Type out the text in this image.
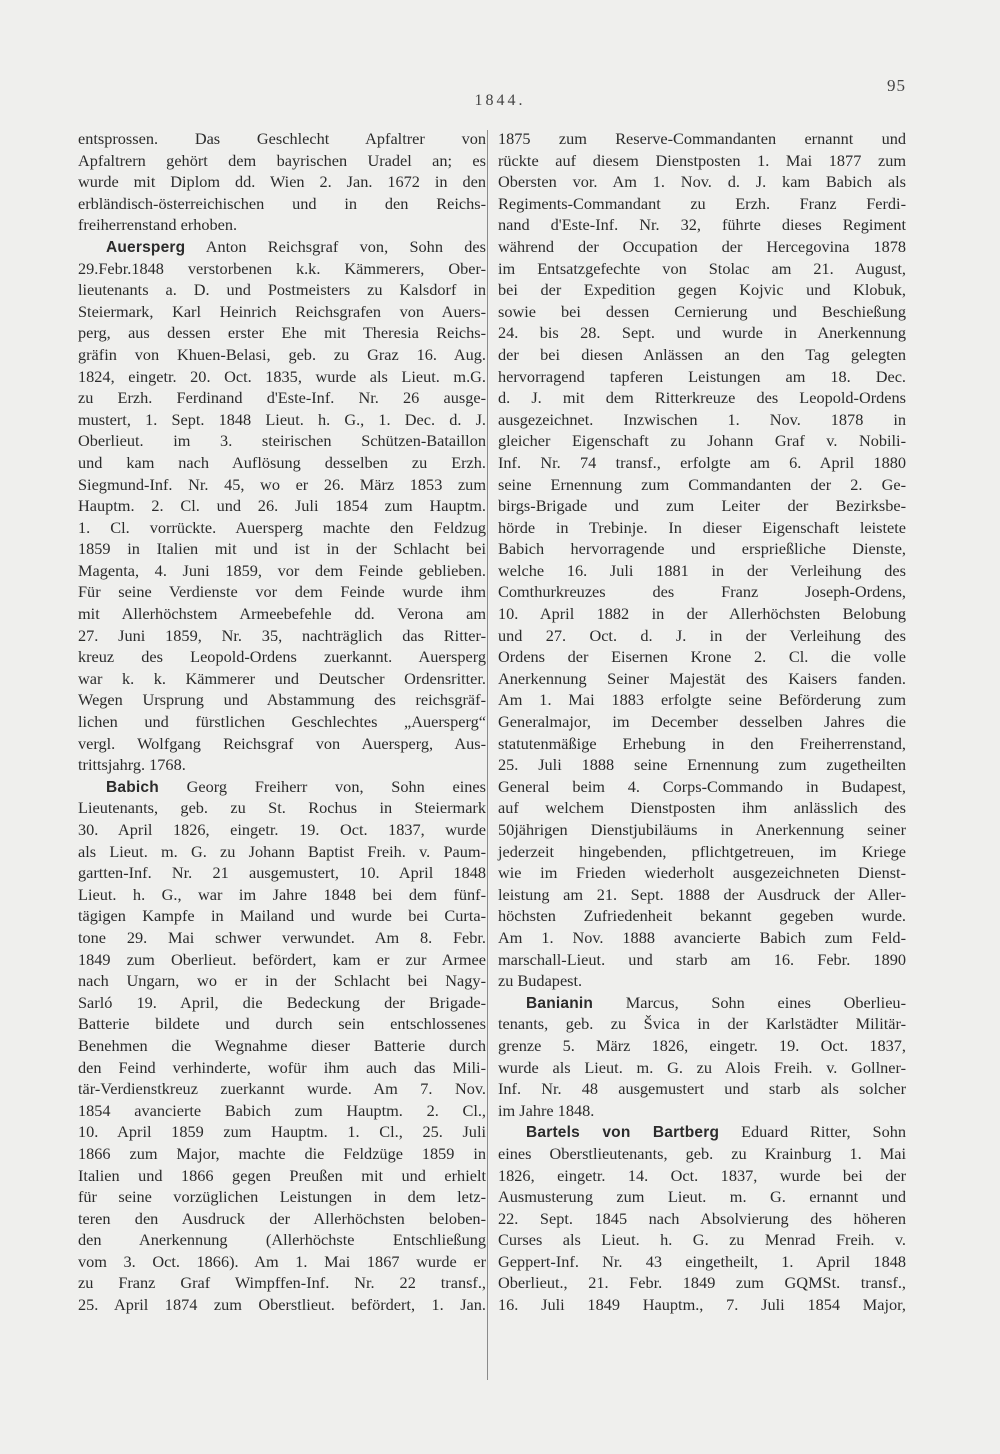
95
1844.
entsprossen. Das Geschlecht Apfaltrer von
Apfaltrern gehört dem bayrischen Uradel an; es
wurde mit Diplom dd. Wien 2. Jan. 1672 in den
erbländisch-österreichischen und in den Reichs-
freiherrenstand erhoben.
Auersperg Anton Reichsgraf von, Sohn des
29.Febr.1848 verstorbenen k.k. Kämmerers, Ober-
lieutenants a. D. und Postmeisters zu Kalsdorf in
Steiermark, Karl Heinrich Reichsgrafen von Auers-
perg, aus dessen erster Ehe mit Theresia Reichs-
gräfin von Khuen-Belasi, geb. zu Graz 16. Aug.
1824, eingetr. 20. Oct. 1835, wurde als Lieut. m.G.
zu Erzh. Ferdinand d'Este-Inf. Nr. 26 ausge-
mustert, 1. Sept. 1848 Lieut. h. G., 1. Dec. d. J.
Oberlieut. im 3. steirischen Schützen-Bataillon
und kam nach Auflösung desselben zu Erzh.
Siegmund-Inf. Nr. 45, wo er 26. März 1853 zum
Hauptm. 2. Cl. und 26. Juli 1854 zum Hauptm.
1. Cl. vorrückte. Auersperg machte den Feldzug
1859 in Italien mit und ist in der Schlacht bei
Magenta, 4. Juni 1859, vor dem Feinde geblieben.
Für seine Verdienste vor dem Feinde wurde ihm
mit Allerhöchstem Armeebefehle dd. Verona am
27. Juni 1859, Nr. 35, nachträglich das Ritter-
kreuz des Leopold-Ordens zuerkannt. Auersperg
war k. k. Kämmerer und Deutscher Ordensritter.
Wegen Ursprung und Abstammung des reichsgräf-
lichen und fürstlichen Geschlechtes „Auersperg“
vergl. Wolfgang Reichsgraf von Auersperg, Aus-
trittsjahrg. 1768.
Babich Georg Freiherr von, Sohn eines
Lieutenants, geb. zu St. Rochus in Steiermark
30. April 1826, eingetr. 19. Oct. 1837, wurde
als Lieut. m. G. zu Johann Baptist Freih. v. Paum-
gartten-Inf. Nr. 21 ausgemustert, 10. April 1848
Lieut. h. G., war im Jahre 1848 bei dem fünf-
tägigen Kampfe in Mailand und wurde bei Curta-
tone 29. Mai schwer verwundet. Am 8. Febr.
1849 zum Oberlieut. befördert, kam er zur Armee
nach Ungarn, wo er in der Schlacht bei Nagy-
Sarló 19. April, die Bedeckung der Brigade-
Batterie bildete und durch sein entschlossenes
Benehmen die Wegnahme dieser Batterie durch
den Feind verhinderte, wofür ihm auch das Mili-
tär-Verdienstkreuz zuerkannt wurde. Am 7. Nov.
1854 avancierte Babich zum Hauptm. 2. Cl.,
10. April 1859 zum Hauptm. 1. Cl., 25. Juli
1866 zum Major, machte die Feldzüge 1859 in
Italien und 1866 gegen Preußen mit und erhielt
für seine vorzüglichen Leistungen in dem letz-
teren den Ausdruck der Allerhöchsten beloben-
den Anerkennung (Allerhöchste Entschließung
vom 3. Oct. 1866). Am 1. Mai 1867 wurde er
zu Franz Graf Wimpffen-Inf. Nr. 22 transf.,
25. April 1874 zum Oberstlieut. befördert, 1. Jan.
1875 zum Reserve-Commandanten ernannt und
rückte auf diesem Dienstposten 1. Mai 1877 zum
Obersten vor. Am 1. Nov. d. J. kam Babich als
Regiments-Commandant zu Erzh. Franz Ferdi-
nand d'Este-Inf. Nr. 32, führte dieses Regiment
während der Occupation der Hercegovina 1878
im Entsatzgefechte von Stolac am 21. August,
bei der Expedition gegen Kojvic und Klobuk,
sowie bei dessen Cernierung und Beschießung
24. bis 28. Sept. und wurde in Anerkennung
der bei diesen Anlässen an den Tag gelegten
hervorragend tapferen Leistungen am 18. Dec.
d. J. mit dem Ritterkreuze des Leopold-Ordens
ausgezeichnet. Inzwischen 1. Nov. 1878 in
gleicher Eigenschaft zu Johann Graf v. Nobili-
Inf. Nr. 74 transf., erfolgte am 6. April 1880
seine Ernennung zum Commandanten der 2. Ge-
birgs-Brigade und zum Leiter der Bezirksbe-
hörde in Trebinje. In dieser Eigenschaft leistete
Babich hervorragende und ersprießliche Dienste,
welche 16. Juli 1881 in der Verleihung des
Comthurkreuzes des Franz Joseph-Ordens,
10. April 1882 in der Allerhöchsten Belobung
und 27. Oct. d. J. in der Verleihung des
Ordens der Eisernen Krone 2. Cl. die volle
Anerkennung Seiner Majestät des Kaisers fanden.
Am 1. Mai 1883 erfolgte seine Beförderung zum
Generalmajor, im December desselben Jahres die
statutenmäßige Erhebung in den Freiherrenstand,
25. Juli 1888 seine Ernennung zum zugetheilten
General beim 4. Corps-Commando in Budapest,
auf welchem Dienstposten ihm anlässlich des
50jährigen Dienstjubiläums in Anerkennung seiner
jederzeit hingebenden, pflichtgetreuen, im Kriege
wie im Frieden wiederholt ausgezeichneten Dienst-
leistung am 21. Sept. 1888 der Ausdruck der Aller-
höchsten Zufriedenheit bekannt gegeben wurde.
Am 1. Nov. 1888 avancierte Babich zum Feld-
marschall-Lieut. und starb am 16. Febr. 1890
zu Budapest.
Banianin Marcus, Sohn eines Oberlieu-
tenants, geb. zu Švica in der Karlstädter Militär-
grenze 5. März 1826, eingetr. 19. Oct. 1837,
wurde als Lieut. m. G. zu Alois Freih. v. Gollner-
Inf. Nr. 48 ausgemustert und starb als solcher
im Jahre 1848.
Bartels von Bartberg Eduard Ritter, Sohn
eines Oberstlieutenants, geb. zu Krainburg 1. Mai
1826, eingetr. 14. Oct. 1837, wurde bei der
Ausmusterung zum Lieut. m. G. ernannt und
22. Sept. 1845 nach Absolvierung des höheren
Curses als Lieut. h. G. zu Menrad Freih. v.
Geppert-Inf. Nr. 43 eingetheilt, 1. April 1848
Oberlieut., 21. Febr. 1849 zum GQMSt. transf.,
16. Juli 1849 Hauptm., 7. Juli 1854 Major,
